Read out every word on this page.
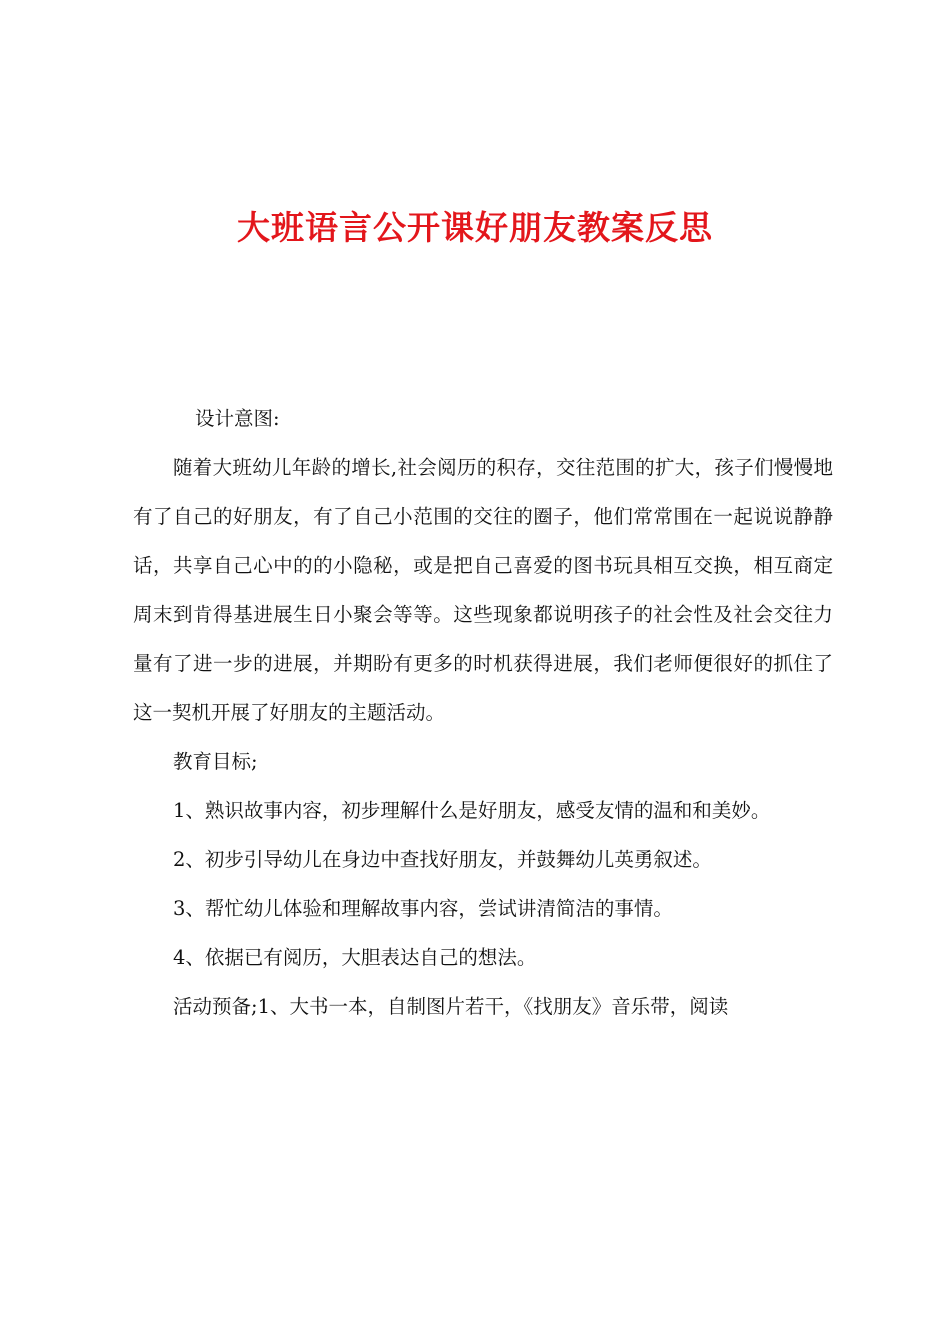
大班语言公开课好朋友教案反思

设计意图:

随着大班幼儿年龄的增长,社会阅历的积存，交往范围的扩大，孩子们慢慢地有了自己的好朋友，有了自己小范围的交往的圈子，他们常常围在一起说说静静话，共享自己心中的的小隐秘，或是把自己喜爱的图书玩具相互交换，相互商定周末到肯得基进展生日小聚会等等。这些现象都说明孩子的社会性及社会交往力量有了进一步的进展，并期盼有更多的时机获得进展，我们老师便很好的抓住了这一契机开展了好朋友的主题活动。

教育目标;

1、熟识故事内容，初步理解什么是好朋友，感受友情的温和和美妙。

2、初步引导幼儿在身边中查找好朋友，并鼓舞幼儿英勇叙述。

3、帮忙幼儿体验和理解故事内容，尝试讲清简洁的事情。

4、依据已有阅历，大胆表达自己的想法。

活动预备;1、大书一本，自制图片若干，《找朋友》音乐带，阅读
